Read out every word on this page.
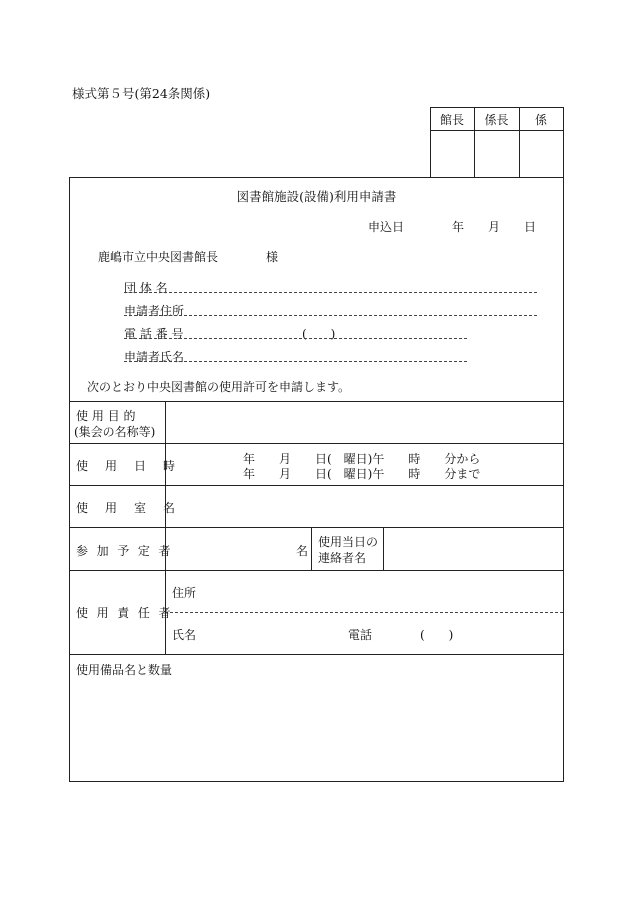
様式第５号(第24条関係)
館長	係長	係
図書館施設(設備)利用申請書
申込日	年 月 日
鹿嶋市立中央図書館長	様
団 体 名
申請者住所
電 話 番 号	(　　)
申請者氏名
次のとおり中央図書館の使用許可を申請します。
使 用 目 的
(集会の名称等)
使 用 日 時	年　　月　　日(　曜日)午　　時　　分から
年　　月　　日(　曜日)午　　時　　分まで
使 用 室 名
参 加 予 定 者	名
使用当日の
連絡者名
使 用 責 任 者
住所
氏名	電話	(　　)
使用備品名と数量
